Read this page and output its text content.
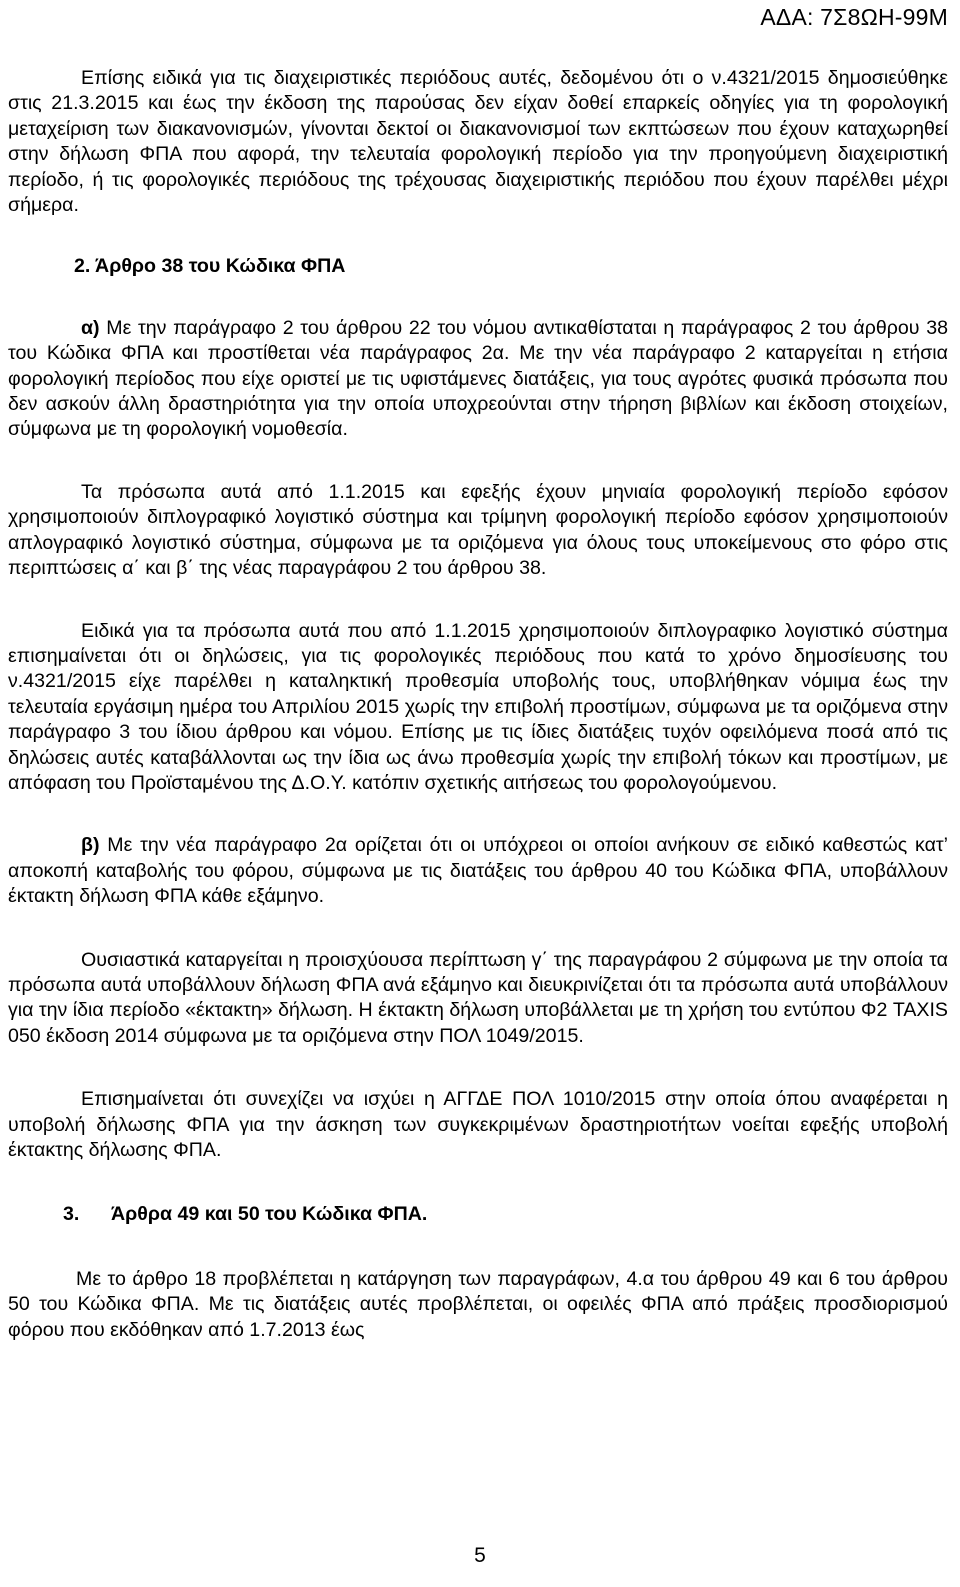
ΑΔΑ: 7Σ8ΩΗ-99Μ

Επίσης ειδικά για τις διαχειριστικές περιόδους αυτές, δεδομένου ότι ο ν.4321/2015 δημοσιεύθηκε στις 21.3.2015 και έως την έκδοση της παρούσας δεν είχαν δοθεί επαρκείς οδηγίες για τη φορολογική μεταχείριση των διακανονισμών, γίνονται δεκτοί οι διακανονισμοί των εκπτώσεων που έχουν καταχωρηθεί στην δήλωση ΦΠΑ που αφορά, την τελευταία φορολογική περίοδο για την προηγούμενη διαχειριστική περίοδο, ή τις φορολογικές περιόδους της τρέχουσας διαχειριστικής περιόδου που έχουν παρέλθει μέχρι σήμερα.

2. Άρθρο 38 του Κώδικα ΦΠΑ

α) Με την παράγραφο 2 του άρθρου 22 του νόμου αντικαθίσταται η παράγραφος 2 του άρθρου 38 του Κώδικα ΦΠΑ και προστίθεται νέα παράγραφος 2α. Με την νέα παράγραφο 2 καταργείται η ετήσια φορολογική περίοδος που είχε οριστεί με τις υφιστάμενες διατάξεις, για τους αγρότες φυσικά πρόσωπα που δεν ασκούν άλλη δραστηριότητα για την οποία υποχρεούνται στην τήρηση βιβλίων και έκδοση στοιχείων, σύμφωνα με τη φορολογική νομοθεσία.

Τα πρόσωπα αυτά από 1.1.2015 και εφεξής έχουν μηνιαία φορολογική περίοδο εφόσον χρησιμοποιούν διπλογραφικό λογιστικό σύστημα και τρίμηνη φορολογική περίοδο εφόσον χρησιμοποιούν απλογραφικό λογιστικό σύστημα, σύμφωνα με τα οριζόμενα για όλους τους υποκείμενους στο φόρο στις περιπτώσεις α΄ και β΄ της νέας παραγράφου 2 του άρθρου 38.

Ειδικά για τα πρόσωπα αυτά που από 1.1.2015 χρησιμοποιούν διπλογραφικο λογιστικό σύστημα επισημαίνεται ότι οι δηλώσεις, για τις φορολογικές περιόδους που κατά το χρόνο δημοσίευσης του ν.4321/2015 είχε παρέλθει η καταληκτική προθεσμία υποβολής τους, υποβλήθηκαν νόμιμα έως την τελευταία εργάσιμη ημέρα του Απριλίου 2015 χωρίς την επιβολή προστίμων, σύμφωνα με τα οριζόμενα στην παράγραφο 3 του ίδιου άρθρου και νόμου. Επίσης με τις ίδιες διατάξεις τυχόν οφειλόμενα ποσά από τις δηλώσεις αυτές καταβάλλονται ως την ίδια ως άνω προθεσμία χωρίς την επιβολή τόκων και προστίμων, με απόφαση του Προϊσταμένου της Δ.Ο.Υ. κατόπιν σχετικής αιτήσεως του φορολογούμενου.

β) Με την νέα παράγραφο 2α ορίζεται ότι οι υπόχρεοι οι οποίοι ανήκουν σε ειδικό καθεστώς κατ’ αποκοπή καταβολής του φόρου, σύμφωνα με τις διατάξεις του άρθρου 40 του Κώδικα ΦΠΑ, υποβάλλουν έκτακτη δήλωση ΦΠΑ κάθε εξάμηνο.

Ουσιαστικά καταργείται η προισχύουσα περίπτωση γ΄ της παραγράφου 2 σύμφωνα με την οποία τα πρόσωπα αυτά υποβάλλουν δήλωση ΦΠΑ ανά εξάμηνο και διευκρινίζεται ότι τα πρόσωπα αυτά υποβάλλουν για την ίδια περίοδο «έκτακτη» δήλωση. Η έκτακτη δήλωση υποβάλλεται με τη χρήση του εντύπου Φ2 TAXIS 050 έκδοση 2014 σύμφωνα με τα οριζόμενα στην ΠΟΛ 1049/2015.

Επισημαίνεται ότι συνεχίζει να ισχύει η ΑΓΓΔΕ ΠΟΛ 1010/2015 στην οποία όπου αναφέρεται η υποβολή δήλωσης ΦΠΑ για την άσκηση των συγκεκριμένων δραστηριοτήτων νοείται εφεξής υποβολή έκτακτης δήλωσης ΦΠΑ.

3. Άρθρα 49 και 50 του Κώδικα ΦΠΑ.

Με το άρθρο 18 προβλέπεται η κατάργηση των παραγράφων, 4.α του άρθρου 49 και 6 του άρθρου 50 του Κώδικα ΦΠΑ. Με τις διατάξεις αυτές προβλέπεται, οι οφειλές ΦΠΑ από πράξεις προσδιορισμού φόρου που εκδόθηκαν από 1.7.2013 έως

5
